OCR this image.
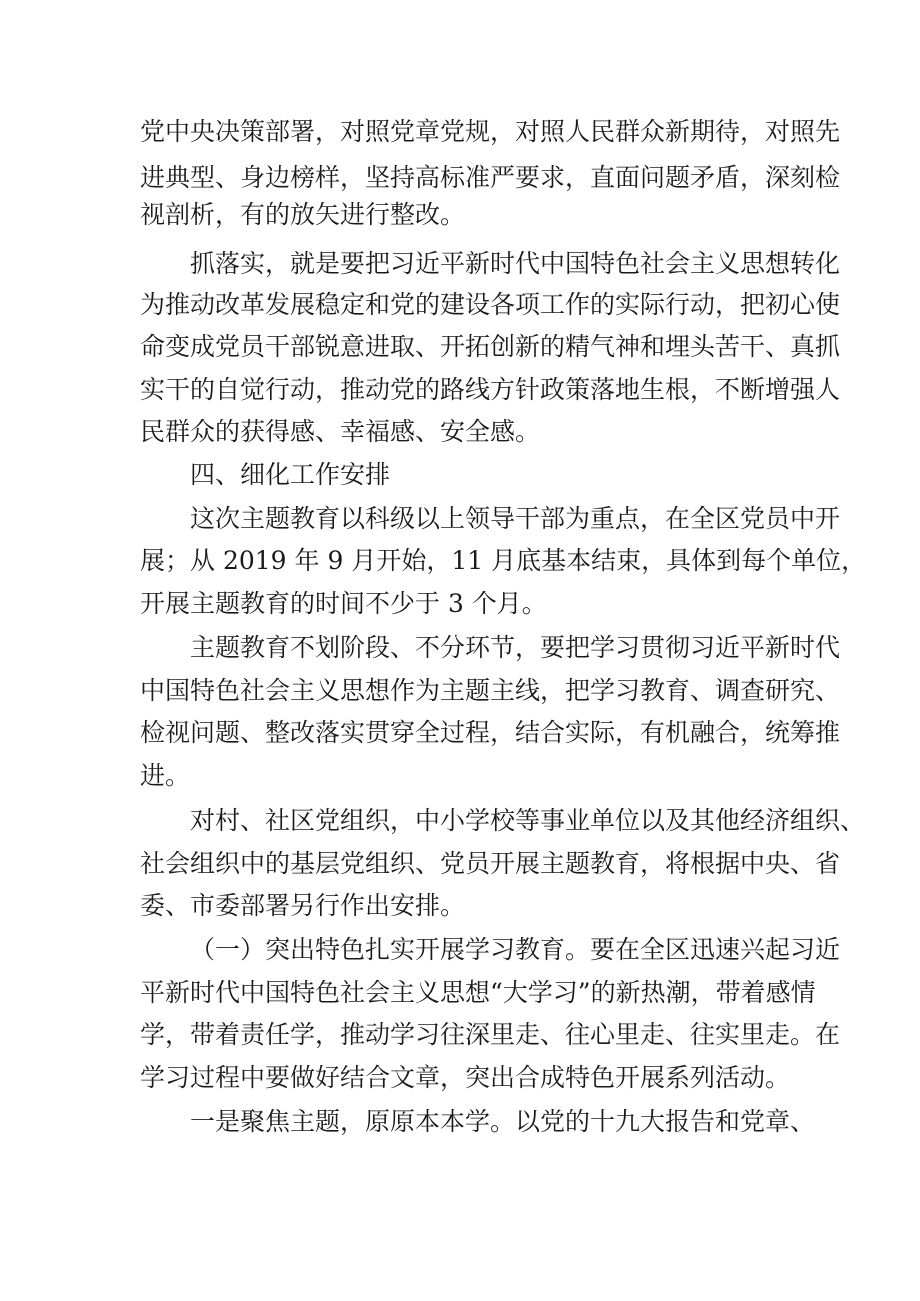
党中央决策部署，对照党章党规，对照人民群众新期待，对照先
进典型、身边榜样，坚持高标准严要求，直面问题矛盾，深刻检
视剖析，有的放矢进行整改。
抓落实，就是要把习近平新时代中国特色社会主义思想转化
为推动改革发展稳定和党的建设各项工作的实际行动，把初心使
命变成党员干部锐意进取、开拓创新的精气神和埋头苦干、真抓
实干的自觉行动，推动党的路线方针政策落地生根，不断增强人
民群众的获得感、幸福感、安全感。
四、细化工作安排
这次主题教育以科级以上领导干部为重点，在全区党员中开
展；从 2019 年 9 月开始，11 月底基本结束，具体到每个单位，
开展主题教育的时间不少于 3 个月。
主题教育不划阶段、不分环节，要把学习贯彻习近平新时代
中国特色社会主义思想作为主题主线，把学习教育、调查研究、
检视问题、整改落实贯穿全过程，结合实际，有机融合，统筹推
进。
对村、社区党组织，中小学校等事业单位以及其他经济组织、
社会组织中的基层党组织、党员开展主题教育，将根据中央、省
委、市委部署另行作出安排。
（一）突出特色扎实开展学习教育。要在全区迅速兴起习近
平新时代中国特色社会主义思想“大学习”的新热潮，带着感情
学，带着责任学，推动学习往深里走、往心里走、往实里走。在
学习过程中要做好结合文章，突出合成特色开展系列活动。
一是聚焦主题，原原本本学。以党的十九大报告和党章、
